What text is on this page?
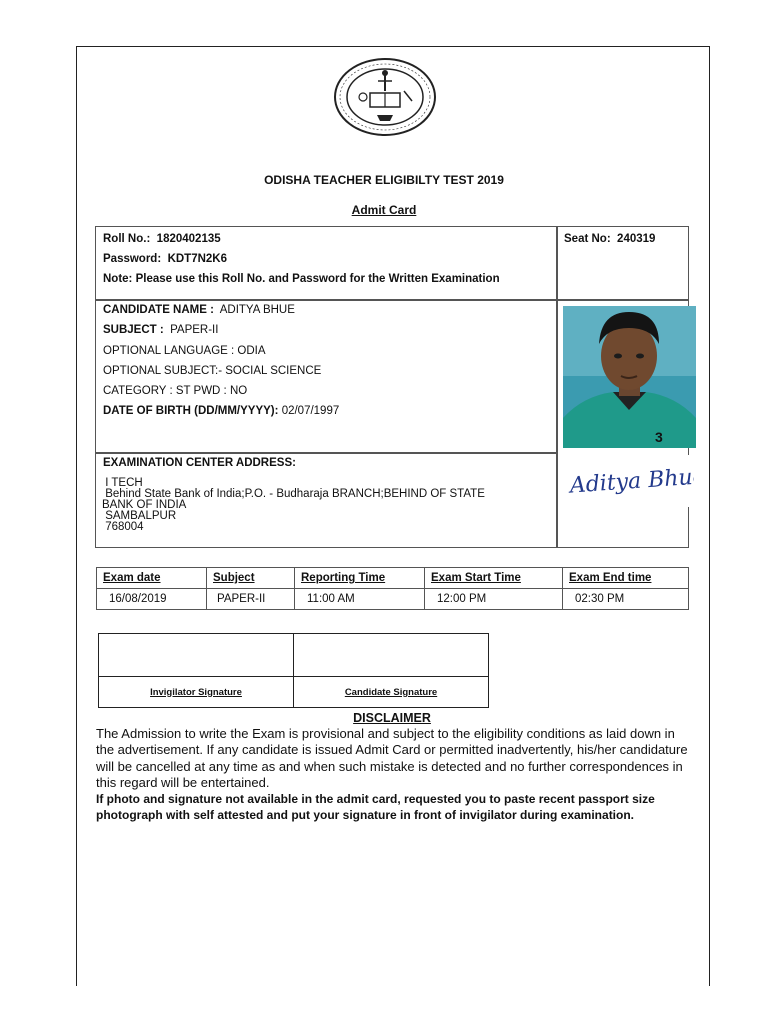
ODISHA TEACHER ELIGIBILTY TEST 2019
Admit Card
Roll No.: 1820402135
Password: KDT7N2K6
Note: Please use this Roll No. and Password for the Written Examination
Seat No: 240319
CANDIDATE NAME : ADITYA BHUE
SUBJECT : PAPER-II
OPTIONAL LANGUAGE : ODIA
OPTIONAL SUBJECT:- SOCIAL SCIENCE
CATEGORY : ST PWD : NO
DATE OF BIRTH (DD/MM/YYYY): 02/07/1997
3
Aditya Bhue
EXAMINATION CENTER ADDRESS:
I TECH
Behind State Bank of India;P.O. - Budharaja BRANCH;BEHIND OF STATE
BANK OF INDIA
SAMBALPUR
768004
Exam date	Subject	Reporting Time	Exam Start Time	Exam End time
16/08/2019	PAPER-II	11:00 AM	12:00 PM	02:30 PM

Invigilator Signature	Candidate Signature
DISCLAIMER
The Admission to write the Exam is provisional and subject to the eligibility conditions as laid down in the advertisement. If any candidate is issued Admit Card or permitted inadvertently, his/her candidature will be cancelled at any time as and when such mistake is detected and no further correspondences in this regard will be entertained.
If photo and signature not available in the admit card, requested you to paste recent passport size photograph with self attested and put your signature in front of invigilator during examination.
